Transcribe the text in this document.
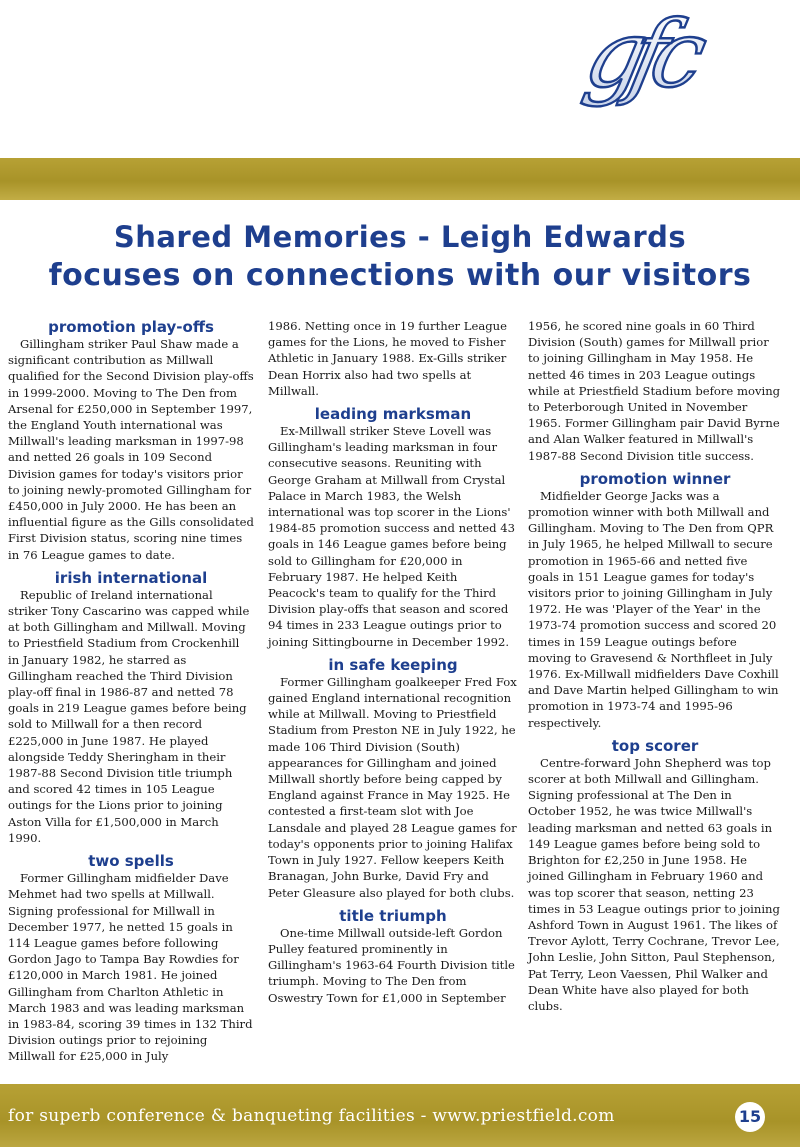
gfc
Shared Memories - Leigh Edwards
focuses on connections with our visitors
promotion play-offs

Gillingham striker Paul Shaw made a significant contribution as Millwall qualified for the Second Division play-offs in 1999-2000. Moving to The Den from Arsenal for £250,000 in September 1997, the England Youth international was Millwall's leading marksman in 1997-98 and netted 26 goals in 109 Second Division games for today's visitors prior to joining newly-promoted Gillingham for £450,000 in July 2000. He has been an influential figure as the Gills consolidated First Division status, scoring nine times in 76 League games to date.

irish international

Republic of Ireland international striker Tony Cascarino was capped while at both Gillingham and Millwall. Moving to Priestfield Stadium from Crockenhill in January 1982, he starred as Gillingham reached the Third Division play-off final in 1986-87 and netted 78 goals in 219 League games before being sold to Millwall for a then record £225,000 in June 1987. He played alongside Teddy Sheringham in their 1987-88 Second Division title triumph and scored 42 times in 105 League outings for the Lions prior to joining Aston Villa for £1,500,000 in March 1990.

two spells

Former Gillingham midfielder Dave Mehmet had two spells at Millwall. Signing professional for Millwall in December 1977, he netted 15 goals in 114 League games before following Gordon Jago to Tampa Bay Rowdies for £120,000 in March 1981. He joined Gillingham from Charlton Athletic in March 1983 and was leading marksman in 1983-84, scoring 39 times in 132 Third Division outings prior to rejoining Millwall for £25,000 in July

1986. Netting once in 19 further League games for the Lions, he moved to Fisher Athletic in January 1988. Ex-Gills striker Dean Horrix also had two spells at Millwall.

leading marksman

Ex-Millwall striker Steve Lovell was Gillingham's leading marksman in four consecutive seasons. Reuniting with George Graham at Millwall from Crystal Palace in March 1983, the Welsh international was top scorer in the Lions' 1984-85 promotion success and netted 43 goals in 146 League games before being sold to Gillingham for £20,000 in February 1987. He helped Keith Peacock's team to qualify for the Third Division play-offs that season and scored 94 times in 233 League outings prior to joining Sittingbourne in December 1992.

in safe keeping

Former Gillingham goalkeeper Fred Fox gained England international recognition while at Millwall. Moving to Priestfield Stadium from Preston NE in July 1922, he made 106 Third Division (South) appearances for Gillingham and joined Millwall shortly before being capped by England against France in May 1925. He contested a first-team slot with Joe Lansdale and played 28 League games for today's opponents prior to joining Halifax Town in July 1927. Fellow keepers Keith Branagan, John Burke, David Fry and Peter Gleasure also played for both clubs.

title triumph

One-time Millwall outside-left Gordon Pulley featured prominently in Gillingham's 1963-64 Fourth Division title triumph. Moving to The Den from Oswestry Town for £1,000 in September

1956, he scored nine goals in 60 Third Division (South) games for Millwall prior to joining Gillingham in May 1958. He netted 46 times in 203 League outings while at Priestfield Stadium before moving to Peterborough United in November 1965. Former Gillingham pair David Byrne and Alan Walker featured in Millwall's 1987-88 Second Division title success.

promotion winner

Midfielder George Jacks was a promotion winner with both Millwall and Gillingham. Moving to The Den from QPR in July 1965, he helped Millwall to secure promotion in 1965-66 and netted five goals in 151 League games for today's visitors prior to joining Gillingham in July 1972. He was 'Player of the Year' in the 1973-74 promotion success and scored 20 times in 159 League outings before moving to Gravesend & Northfleet in July 1976. Ex-Millwall midfielders Dave Coxhill and Dave Martin helped Gillingham to win promotion in 1973-74 and 1995-96 respectively.

top scorer

Centre-forward John Shepherd was top scorer at both Millwall and Gillingham. Signing professional at The Den in October 1952, he was twice Millwall's leading marksman and netted 63 goals in 149 League games before being sold to Brighton for £2,250 in June 1958. He joined Gillingham in February 1960 and was top scorer that season, netting 23 times in 53 League outings prior to joining Ashford Town in August 1961. The likes of Trevor Aylott, Terry Cochrane, Trevor Lee, John Leslie, John Sitton, Paul Stephenson, Pat Terry, Leon Vaessen, Phil Walker and Dean White have also played for both clubs.

for superb conference & banqueting facilities - www.priestfield.com	15
